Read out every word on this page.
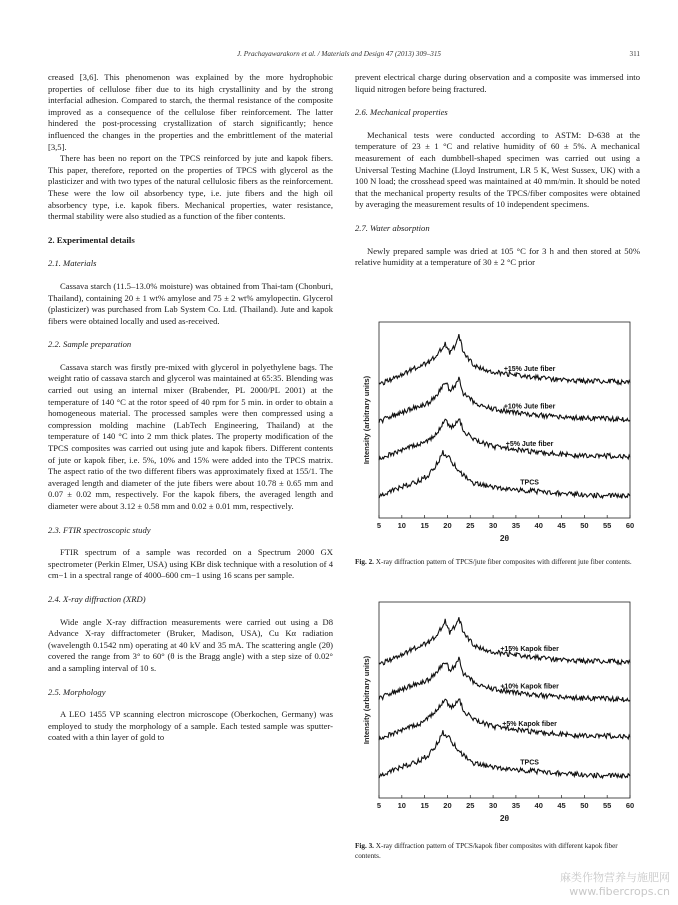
J. Prachayawarakorn et al. / Materials and Design 47 (2013) 309–315	311

creased [3,6]. This phenomenon was explained by the more hydrophobic properties of cellulose fiber due to its high crystallinity and by the strong interfacial adhesion. Compared to starch, the thermal resistance of the composite improved as a consequence of the cellulose fiber reinforcement. The latter hindered the post-processing crystallization of starch significantly; hence influenced the changes in the properties and the embrittlement of the material [3,5].

There has been no report on the TPCS reinforced by jute and kapok fibers. This paper, therefore, reported on the properties of TPCS with glycerol as the plasticizer and with two types of the natural cellulosic fibers as the reinforcement. These were the low oil absorbency type, i.e. jute fibers and the high oil absorbency type, i.e. kapok fibers. Mechanical properties, water resistance, thermal stability were also studied as a function of the fiber contents.

2. Experimental details
2.1. Materials

Cassava starch (11.5–13.0% moisture) was obtained from Thai-tam (Chonburi, Thailand), containing 20 ± 1 wt% amylose and 75 ± 2 wt% amylopectin. Glycerol (plasticizer) was purchased from Lab System Co. Ltd. (Thailand). Jute and kapok fibers were obtained locally and used as-received.

2.2. Sample preparation

Cassava starch was firstly pre-mixed with glycerol in polyethylene bags. The weight ratio of cassava starch and glycerol was maintained at 65:35. Blending was carried out using an internal mixer (Brabender, PL 2000/PL 2001) at the temperature of 140 °C at the rotor speed of 40 rpm for 5 min. in order to obtain a homogeneous material. The processed samples were then compressed using a compression molding machine (LabTech Engineering, Thailand) at the temperature of 140 °C into 2 mm thick plates. The property modification of the TPCS composites was carried out using jute and kapok fibers. Different contents of jute or kapok fiber, i.e. 5%, 10% and 15% were added into the TPCS matrix. The aspect ratio of the two different fibers was approximately fixed at 155/1. The averaged length and diameter of the jute fibers were about 10.78 ± 0.65 mm and 0.07 ± 0.02 mm, respectively. For the kapok fibers, the averaged length and diameter were about 3.12 ± 0.58 mm and 0.02 ± 0.01 mm, respectively.

2.3. FTIR spectroscopic study

FTIR spectrum of a sample was recorded on a Spectrum 2000 GX spectrometer (Perkin Elmer, USA) using KBr disk technique with a resolution of 4 cm−1 in a spectral range of 4000–600 cm−1 using 16 scans per sample.

2.4. X-ray diffraction (XRD)

Wide angle X-ray diffraction measurements were carried out using a D8 Advance X-ray diffractometer (Bruker, Madison, USA), Cu Kα radiation (wavelength 0.1542 nm) operating at 40 kV and 35 mA. The scattering angle (2θ) covered the range from 3° to 60° (θ is the Bragg angle) with a step size of 0.02° and a sampling interval of 10 s.

2.5. Morphology

A LEO 1455 VP scanning electron microscope (Oberkochen, Germany) was employed to study the morphology of a sample. Each tested sample was sputter-coated with a thin layer of gold to

prevent electrical charge during observation and a composite was immersed into liquid nitrogen before being fractured.

2.6. Mechanical properties

Mechanical tests were conducted according to ASTM: D-638 at the temperature of 23 ± 1 °C and relative humidity of 60 ± 5%. A mechanical measurement of each dumbbell-shaped specimen was carried out using a Universal Testing Machine (Lloyd Instrument, LR 5 K, West Sussex, UK) with a 100 N load; the crosshead speed was maintained at 40 mm/min. It should be noted that the mechanical property results of the TPCS/fiber composites were obtained by averaging the measurement results of 10 independent specimens.

2.7. Water absorption

Newly prepared sample was dried at 105 °C for 3 h and then stored at 50% relative humidity at a temperature of 30 ± 2 °C prior

5 10 15 20 25 30 35 40 45 50 55 60
2θ
Intensity (arbitrary units)
+15% Jute fiber
+10% Jute fiber
+5% Jute fiber
TPCS
Fig. 2. X-ray diffraction pattern of TPCS/jute fiber composites with different jute fiber contents.
5 10 15 20 25 30 35 40 45 50 55 60
2θ
Intensity (arbitrary units)
+15% Kapok fiber
+10% Kapok fiber
+5% Kapok fiber
TPCS
Fig. 3. X-ray diffraction pattern of TPCS/kapok fiber composites with different kapok fiber contents.
麻类作物营养与施肥网
www.fibercrops.cn
